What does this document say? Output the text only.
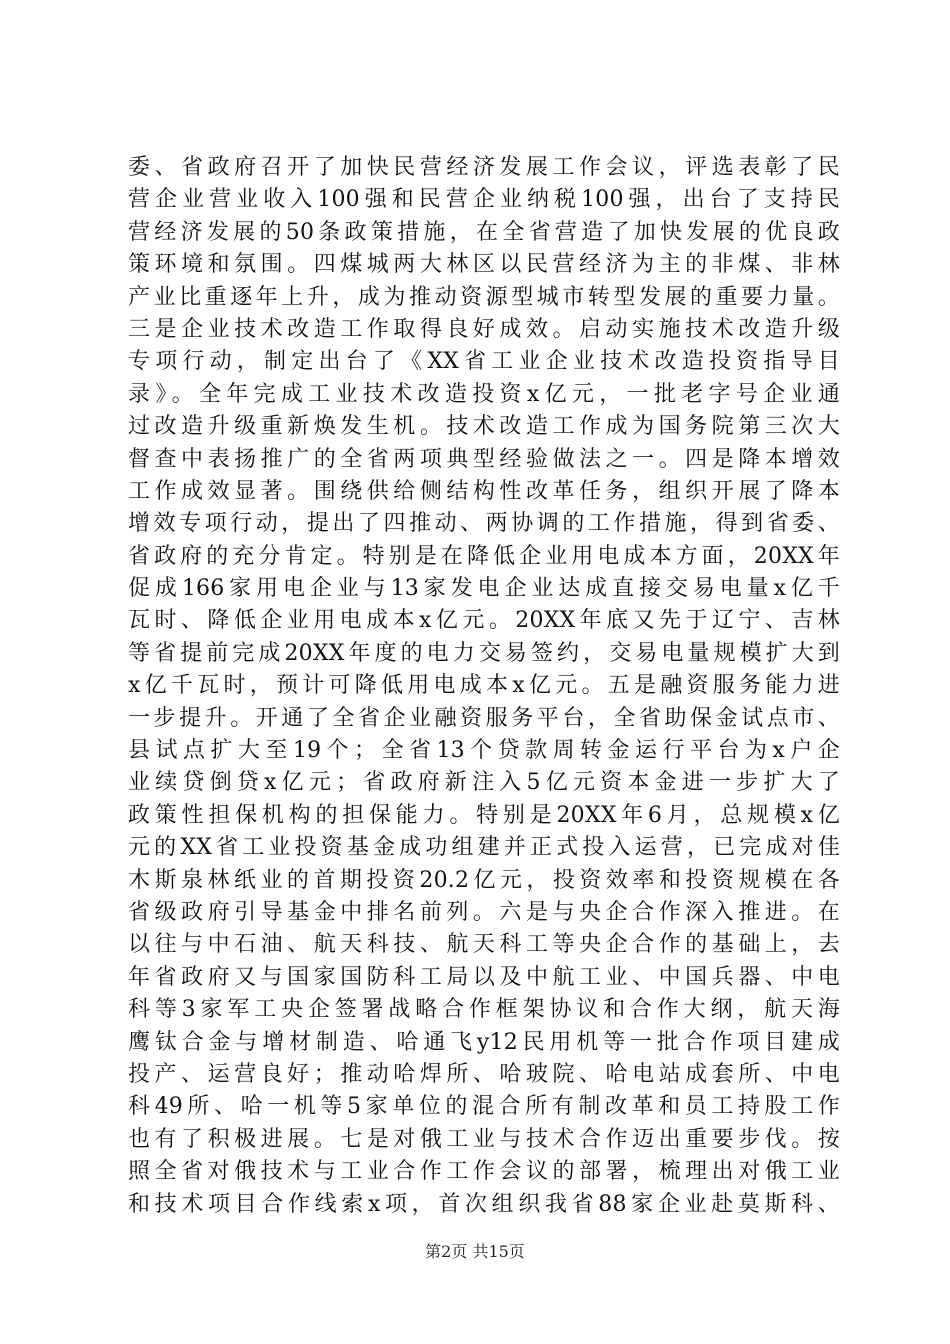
委、省政府召开了加快民营经济发展工作会议，评选表彰了民
营企业营业收入100强和民营企业纳税100强，出台了支持民
营经济发展的50条政策措施，在全省营造了加快发展的优良政
策环境和氛围。四煤城两大林区以民营经济为主的非煤、非林
产业比重逐年上升，成为推动资源型城市转型发展的重要力量。
三是企业技术改造工作取得良好成效。启动实施技术改造升级
专项行动，制定出台了《XX省工业企业技术改造投资指导目
录》。全年完成工业技术改造投资x亿元，一批老字号企业通
过改造升级重新焕发生机。技术改造工作成为国务院第三次大
督查中表扬推广的全省两项典型经验做法之一。四是降本增效
工作成效显著。围绕供给侧结构性改革任务，组织开展了降本
增效专项行动，提出了四推动、两协调的工作措施，得到省委、
省政府的充分肯定。特别是在降低企业用电成本方面，20XX年
促成166家用电企业与13家发电企业达成直接交易电量x亿千
瓦时、降低企业用电成本x亿元。20XX年底又先于辽宁、吉林
等省提前完成20XX年度的电力交易签约，交易电量规模扩大到
x亿千瓦时，预计可降低用电成本x亿元。五是融资服务能力进
一步提升。开通了全省企业融资服务平台，全省助保金试点市、
县试点扩大至19个；全省13个贷款周转金运行平台为x户企
业续贷倒贷x亿元；省政府新注入5亿元资本金进一步扩大了
政策性担保机构的担保能力。特别是20XX年6月，总规模x亿
元的XX省工业投资基金成功组建并正式投入运营，已完成对佳
木斯泉林纸业的首期投资20.2亿元，投资效率和投资规模在各
省级政府引导基金中排名前列。六是与央企合作深入推进。在
以往与中石油、航天科技、航天科工等央企合作的基础上，去
年省政府又与国家国防科工局以及中航工业、中国兵器、中电
科等3家军工央企签署战略合作框架协议和合作大纲，航天海
鹰钛合金与增材制造、哈通飞y12民用机等一批合作项目建成
投产、运营良好；推动哈焊所、哈玻院、哈电站成套所、中电
科49所、哈一机等5家单位的混合所有制改革和员工持股工作
也有了积极进展。七是对俄工业与技术合作迈出重要步伐。按
照全省对俄技术与工业合作工作会议的部署，梳理出对俄工业
和技术项目合作线索x项，首次组织我省88家企业赴莫斯科、
第2页 共15页
